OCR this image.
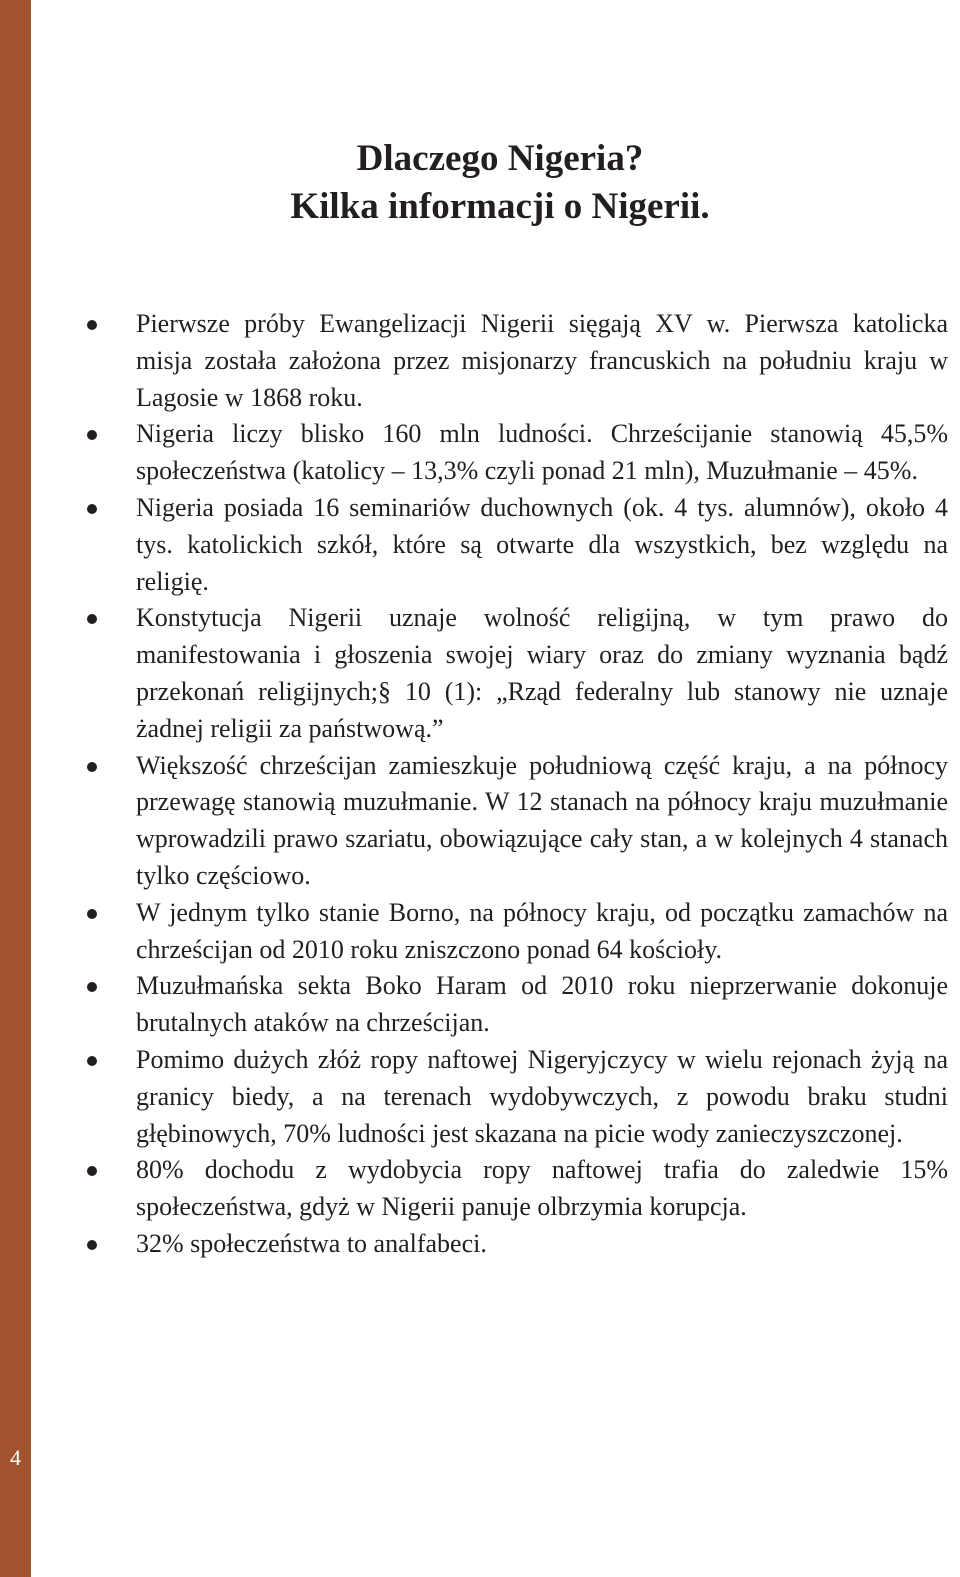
4
Dlaczego Nigeria?
Kilka informacji o Nigerii.
Pierwsze próby Ewangelizacji Nigerii sięgają XV w. Pierwsza katolicka misja została założona przez misjonarzy francuskich na południu kraju w Lagosie w 1868 roku.
Nigeria liczy blisko 160 mln ludności. Chrześcijanie stanowią 45,5% społeczeństwa (katolicy – 13,3% czyli ponad 21 mln), Muzułmanie – 45%.
Nigeria posiada 16 seminariów duchownych (ok. 4 tys. alumnów), około 4 tys. katolickich szkół, które są otwarte dla wszystkich, bez względu na religię.
Konstytucja Nigerii uznaje wolność religijną, w tym prawo do manifestowania i głoszenia swojej wiary oraz do zmiany wyznania bądź przekonań religijnych;§ 10 (1): „Rząd federalny lub stanowy nie uznaje żadnej religii za państwową.”
Większość chrześcijan zamieszkuje południową część kraju, a na północy przewagę stanowią muzułmanie. W 12 stanach na północy kraju muzułmanie wprowadzili prawo szariatu, obowiązujące cały stan, a w kolejnych 4 stanach tylko częściowo.
W jednym tylko stanie Borno, na północy kraju, od początku zamachów na chrześcijan od 2010 roku zniszczono ponad 64 kościoły.
Muzułmańska sekta Boko Haram od 2010 roku nieprzerwanie dokonuje brutalnych ataków na chrześcijan.
Pomimo dużych złóż ropy naftowej Nigeryjczycy w wielu rejonach żyją na granicy biedy, a na terenach wydobywczych, z powodu braku studni głębinowych, 70% ludności jest skazana na picie wody zanieczyszczonej.
80% dochodu z wydobycia ropy naftowej trafia do zaledwie 15% społeczeństwa, gdyż w Nigerii panuje olbrzymia korupcja.
32% społeczeństwa to analfabeci.
